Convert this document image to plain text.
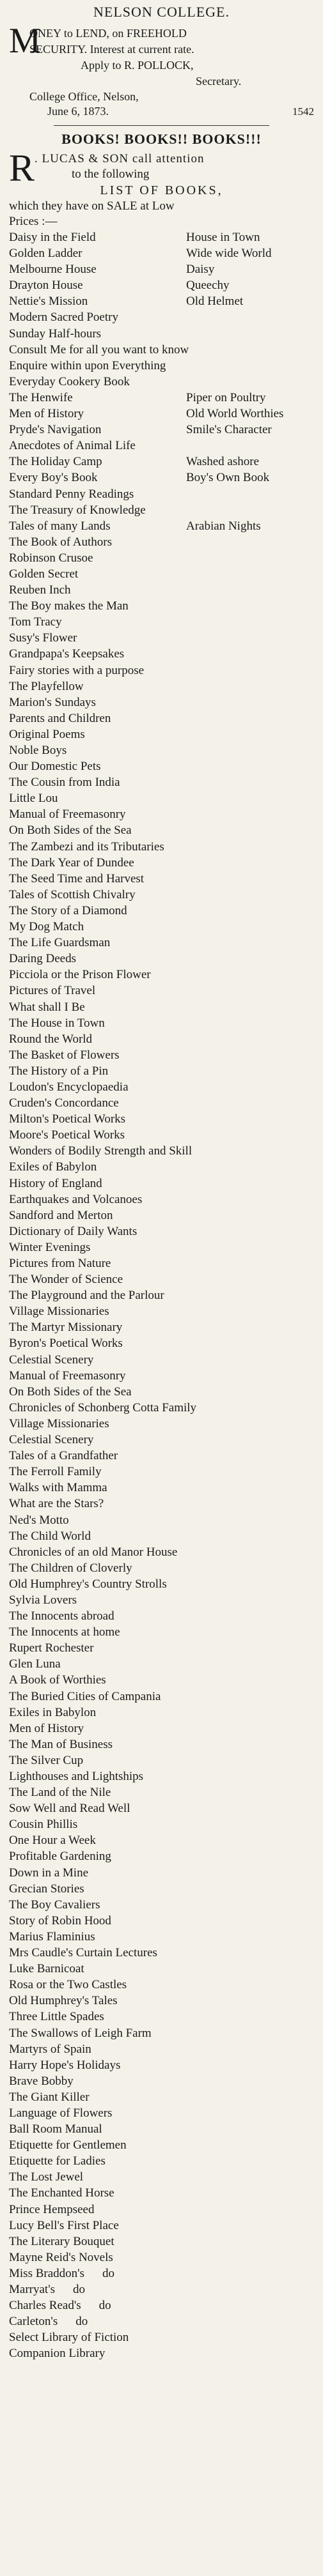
NELSON COLLEGE.
M
ONEY to LEND, on FREEHOLD
SECURITY. Interest at current rate.
Apply to R. POLLOCK,
Secretary.
College Office, Nelson,
June 6, 1873.	1542
BOOKS! BOOKS!! BOOKS!!!
R . LUCAS & SON call attention
to the following

LIST OF BOOKS,

which they have on SALE at Low
Prices :—

Daisy in the Field	House in Town
Golden Ladder	Wide wide World
Melbourne House	Daisy
Drayton House	Queechy
Nettie's Mission	Old Helmet
Modern Sacred Poetry
Sunday Half-hours
Consult Me for all you want to know
Enquire within upon Everything
Everyday Cookery Book
The Henwife	Piper on Poultry
Men of History	Old World Worthies
Pryde's Navigation	Smile's Character
Anecdotes of Animal Life
The Holiday Camp	Washed ashore
Every Boy's Book	Boy's Own Book
Standard Penny Readings
The Treasury of Knowledge
Tales of many Lands	Arabian Nights
The Book of Authors
Robinson Crusoe
Golden Secret
Reuben Inch
The Boy makes the Man
Tom Tracy
Susy's Flower
Grandpapa's Keepsakes
Fairy stories with a purpose
The Playfellow
Marion's Sundays
Parents and Children
Original Poems
Noble Boys
Our Domestic Pets
The Cousin from India
Little Lou
Manual of Freemasonry
On Both Sides of the Sea
The Zambezi and its Tributaries
The Dark Year of Dundee
The Seed Time and Harvest
Tales of Scottish Chivalry
The Story of a Diamond
My Dog Match
The Life Guardsman
Daring Deeds
Picciola or the Prison Flower
Pictures of Travel
What shall I Be
The House in Town
Round the World
The Basket of Flowers
The History of a Pin
Loudon's Encyclopaedia
Cruden's Concordance
Milton's Poetical Works
Moore's Poetical Works
Wonders of Bodily Strength and Skill
Exiles of Babylon
History of England
Earthquakes and Volcanoes
Sandford and Merton
Dictionary of Daily Wants
Winter Evenings
Pictures from Nature
The Wonder of Science
The Playground and the Parlour
Village Missionaries
The Martyr Missionary
Byron's Poetical Works
Celestial Scenery
Manual of Freemasonry
On Both Sides of the Sea
Chronicles of Schonberg Cotta Family
Village Missionaries
Celestial Scenery
Tales of a Grandfather
The Ferroll Family
Walks with Mamma
What are the Stars?
Ned's Motto
The Child World
Chronicles of an old Manor House
The Children of Cloverly
Old Humphrey's Country Strolls
Sylvia Lovers
The Innocents abroad
The Innocents at home
Rupert Rochester
Glen Luna
A Book of Worthies
The Buried Cities of Campania
Exiles in Babylon
Men of History
The Man of Business
The Silver Cup
Lighthouses and Lightships
The Land of the Nile
Sow Well and Read Well
Cousin Phillis
One Hour a Week
Profitable Gardening
Down in a Mine
Grecian Stories
The Boy Cavaliers
Story of Robin Hood
Marius Flaminius
Mrs Caudle's Curtain Lectures
Luke Barnicoat
Rosa or the Two Castles
Old Humphrey's Tales
Three Little Spades
The Swallows of Leigh Farm
Martyrs of Spain
Harry Hope's Holidays
Brave Bobby
The Giant Killer
Language of Flowers
Ball Room Manual
Etiquette for Gentlemen
Etiquette for Ladies
The Lost Jewel
The Enchanted Horse
Prince Hempseed
Lucy Bell's First Place
The Literary Bouquet
Mayne Reid's Novels
Miss Braddon's do
Marryat's do
Charles Read's do
Carleton's do
Select Library of Fiction
Companion Library
